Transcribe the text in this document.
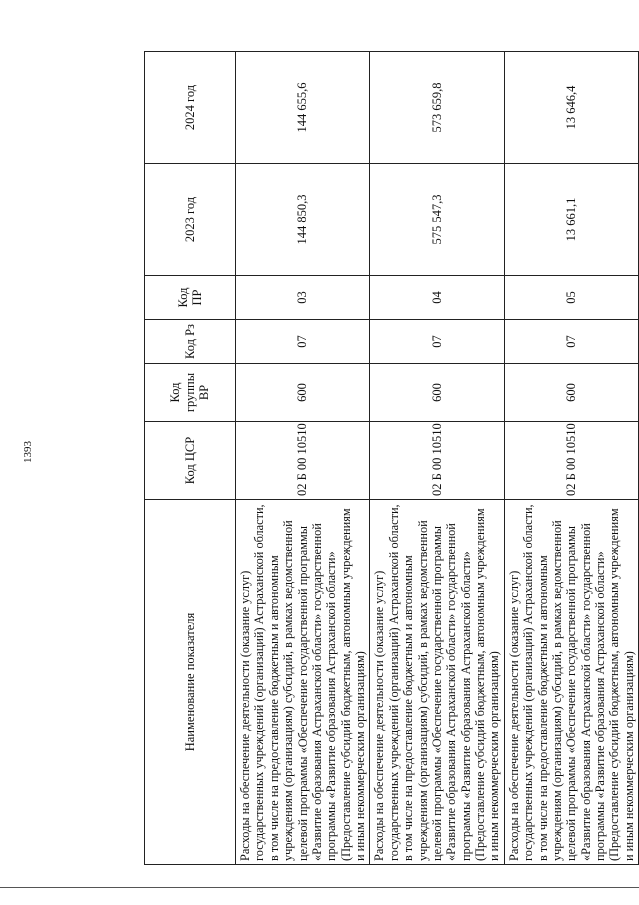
1393
Наименование показателя	Код ЦСР	Код группы ВР	Код Рз	Код ПР	2023 год	2024 год
Расходы на обеспечение деятельности (оказание услуг) государственных учреждений (организаций) Астраханской области, в том числе на предоставление бюджетным и автономным учреждениям (организациям) субсидий, в рамках ведомственной целевой программы «Обеспечение государственной программы «Развитие образования Астраханской области» государственной программы «Развитие образования Астраханской области» (Предоставление субсидий бюджетным, автономным учреждениям и иным некоммерческим организациям)	02 Б 00 10510	600	07	03	144 850,3	144 655,6
Расходы на обеспечение деятельности (оказание услуг) государственных учреждений (организаций) Астраханской области, в том числе на предоставление бюджетным и автономным учреждениям (организациям) субсидий, в рамках ведомственной целевой программы «Обеспечение государственной программы «Развитие образования Астраханской области» государственной программы «Развитие образования Астраханской области» (Предоставление субсидий бюджетным, автономным учреждениям и иным некоммерческим организациям)	02 Б 00 10510	600	07	04	575 547,3	573 659,8
Расходы на обеспечение деятельности (оказание услуг) государственных учреждений (организаций) Астраханской области, в том числе на предоставление бюджетным и автономным учреждениям (организациям) субсидий, в рамках ведомственной целевой программы «Обеспечение государственной программы «Развитие образования Астраханской области» государственной программы «Развитие образования Астраханской области» (Предоставление субсидий бюджетным, автономным учреждениям и иным некоммерческим организациям)	02 Б 00 10510	600	07	05	13 661,1	13 646,4
